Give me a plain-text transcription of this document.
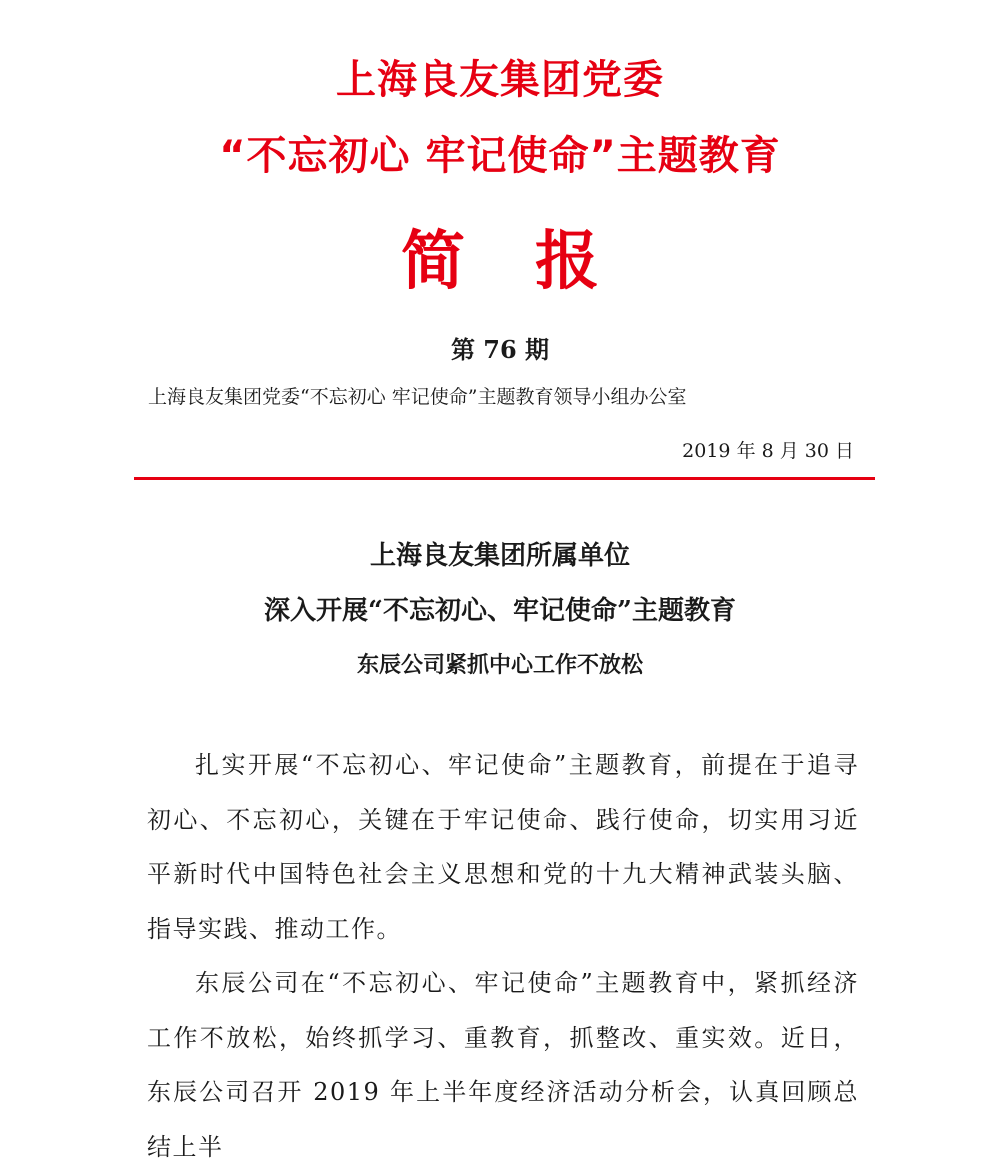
上海良友集团党委
“不忘初心 牢记使命”主题教育
简报
第 76 期
上海良友集团党委“不忘初心 牢记使命”主题教育领导小组办公室
2019 年 8 月 30 日
上海良友集团所属单位
深入开展“不忘初心、牢记使命”主题教育
东辰公司紧抓中心工作不放松

扎实开展“不忘初心、牢记使命”主题教育，前提在于追寻初心、不忘初心，关键在于牢记使命、践行使命，切实用习近平新时代中国特色社会主义思想和党的十九大精神武装头脑、指导实践、推动工作。

东辰公司在“不忘初心、牢记使命”主题教育中，紧抓经济工作不放松，始终抓学习、重教育，抓整改、重实效。近日，东辰公司召开 2019 年上半年度经济活动分析会，认真回顾总结上半
